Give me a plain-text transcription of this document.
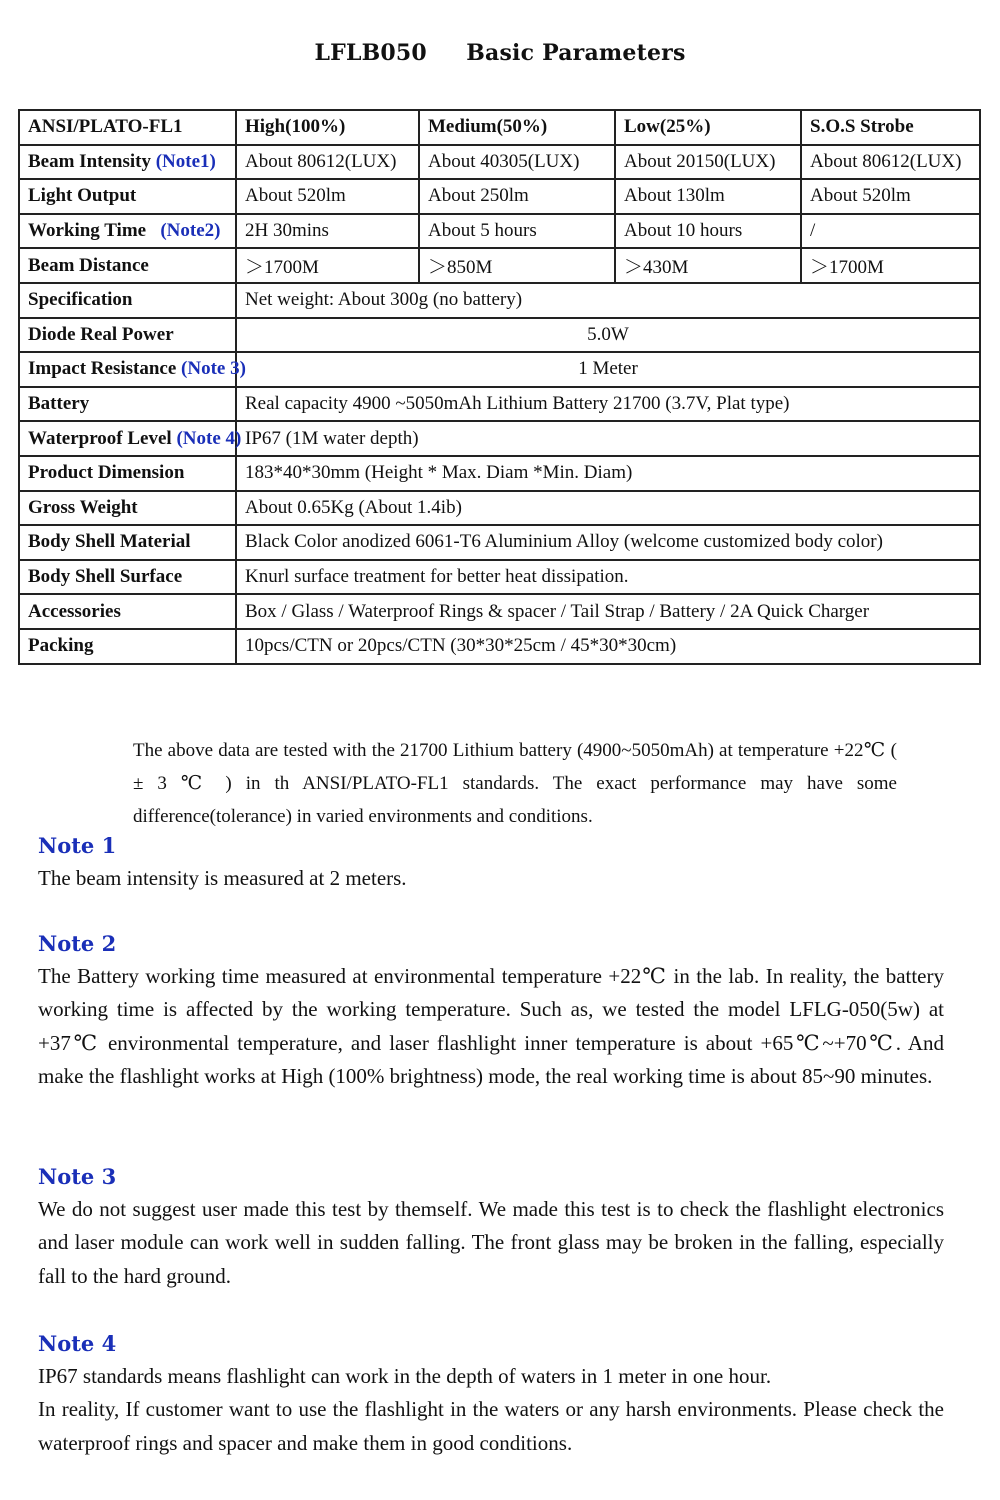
LFLB050     Basic Parameters
ANSI/PLATO-FL1	High(100%)	Medium(50%)	Low(25%)	S.O.S Strobe
Beam Intensity (Note1)	About 80612(LUX)	About 40305(LUX)	About 20150(LUX)	About 80612(LUX)
Light Output	About 520lm	About 250lm	About 130lm	About 520lm
Working Time   (Note2)	2H 30mins	About 5 hours	About 10 hours	/
Beam Distance	＞1700M	＞850M	＞430M	＞1700M
Specification	Net weight: About 300g (no battery)			
Diode Real Power	5.0W			
Impact Resistance (Note 3)	1 Meter			
Battery	Real capacity 4900 ~5050mAh Lithium Battery 21700 (3.7V, Plat type)			
Waterproof Level (Note 4)	IP67 (1M water depth)			
Product Dimension	183*40*30mm (Height * Max. Diam *Min. Diam)			
Gross Weight	About 0.65Kg (About 1.4ib)			
Body Shell Material	Black Color anodized 6061-T6 Aluminium Alloy (welcome customized body color)			
Body Shell Surface	Knurl surface treatment for better heat dissipation.			
Accessories	Box / Glass / Waterproof Rings & spacer / Tail Strap / Battery / 2A Quick Charger			
Packing	10pcs/CTN or 20pcs/CTN (30*30*25cm / 45*30*30cm)			
The above data are tested with the 21700 Lithium battery (4900~5050mAh) at temperature +22℃ ( ± 3 ℃ ) in th ANSI/PLATO-FL1 standards. The exact performance may have some difference(tolerance) in varied environments and conditions.
Note 1

The beam intensity is measured at 2 meters.

Note 2

The Battery working time measured at environmental temperature +22℃ in the lab. In reality, the battery working time is affected by the working temperature. Such as, we tested the model LFLG-050(5w) at +37℃ environmental temperature, and laser flashlight inner temperature is about +65℃~+70℃. And make the flashlight works at High (100% brightness) mode, the real working time is about 85~90 minutes.

Note 3

We do not suggest user made this test by themself. We made this test is to check the flashlight electronics and laser module can work well in sudden falling. The front glass may be broken in the falling, especially fall to the hard ground.

Note 4

IP67 standards means flashlight can work in the depth of waters in 1 meter in one hour.

In reality, If customer want to use the flashlight in the waters or any harsh environments. Please check the waterproof rings and spacer and make them in good conditions.
